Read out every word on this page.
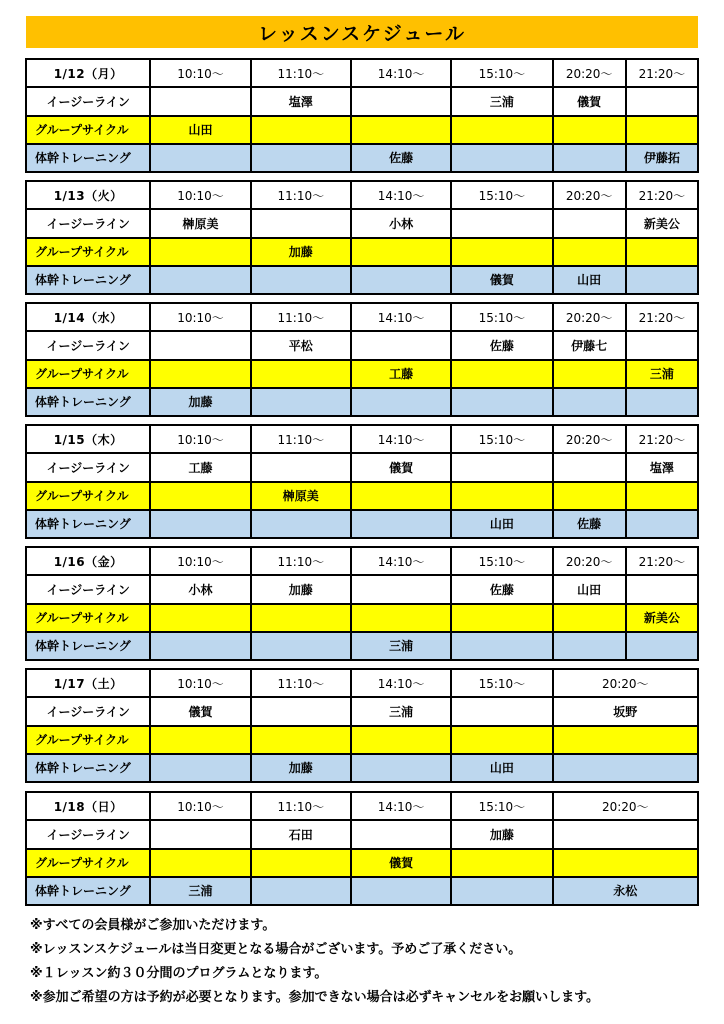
レッスンスケジュール
1/12（月）	10:10〜	11:10〜	14:10〜	15:10〜	20:20〜	21:20〜
イージーライン		塩澤		三浦	儀賀	
グループサイクル	山田					
体幹トレーニング			佐藤			伊藤拓
1/13（火）	10:10〜	11:10〜	14:10〜	15:10〜	20:20〜	21:20〜
イージーライン	榊原美		小林			新美公
グループサイクル		加藤				
体幹トレーニング				儀賀	山田	
1/14（水）	10:10〜	11:10〜	14:10〜	15:10〜	20:20〜	21:20〜
イージーライン		平松		佐藤	伊藤七	
グループサイクル			工藤			三浦
体幹トレーニング	加藤					
1/15（木）	10:10〜	11:10〜	14:10〜	15:10〜	20:20〜	21:20〜
イージーライン	工藤		儀賀			塩澤
グループサイクル		榊原美				
体幹トレーニング				山田	佐藤	
1/16（金）	10:10〜	11:10〜	14:10〜	15:10〜	20:20〜	21:20〜
イージーライン	小林	加藤		佐藤	山田	
グループサイクル						新美公
体幹トレーニング			三浦			
1/17（土）	10:10〜	11:10〜	14:10〜	15:10〜	20:20〜
イージーライン	儀賀		三浦		坂野
グループサイクル					
体幹トレーニング		加藤		山田	
1/18（日）	10:10〜	11:10〜	14:10〜	15:10〜	20:20〜
イージーライン		石田		加藤	
グループサイクル			儀賀		
体幹トレーニング	三浦				永松
※すべての会員様がご参加いただけます。
※レッスンスケジュールは当日変更となる場合がございます。予めご了承ください。
※１レッスン約３０分間のプログラムとなります。
※参加ご希望の方は予約が必要となります。参加できない場合は必ずキャンセルをお願いします。
